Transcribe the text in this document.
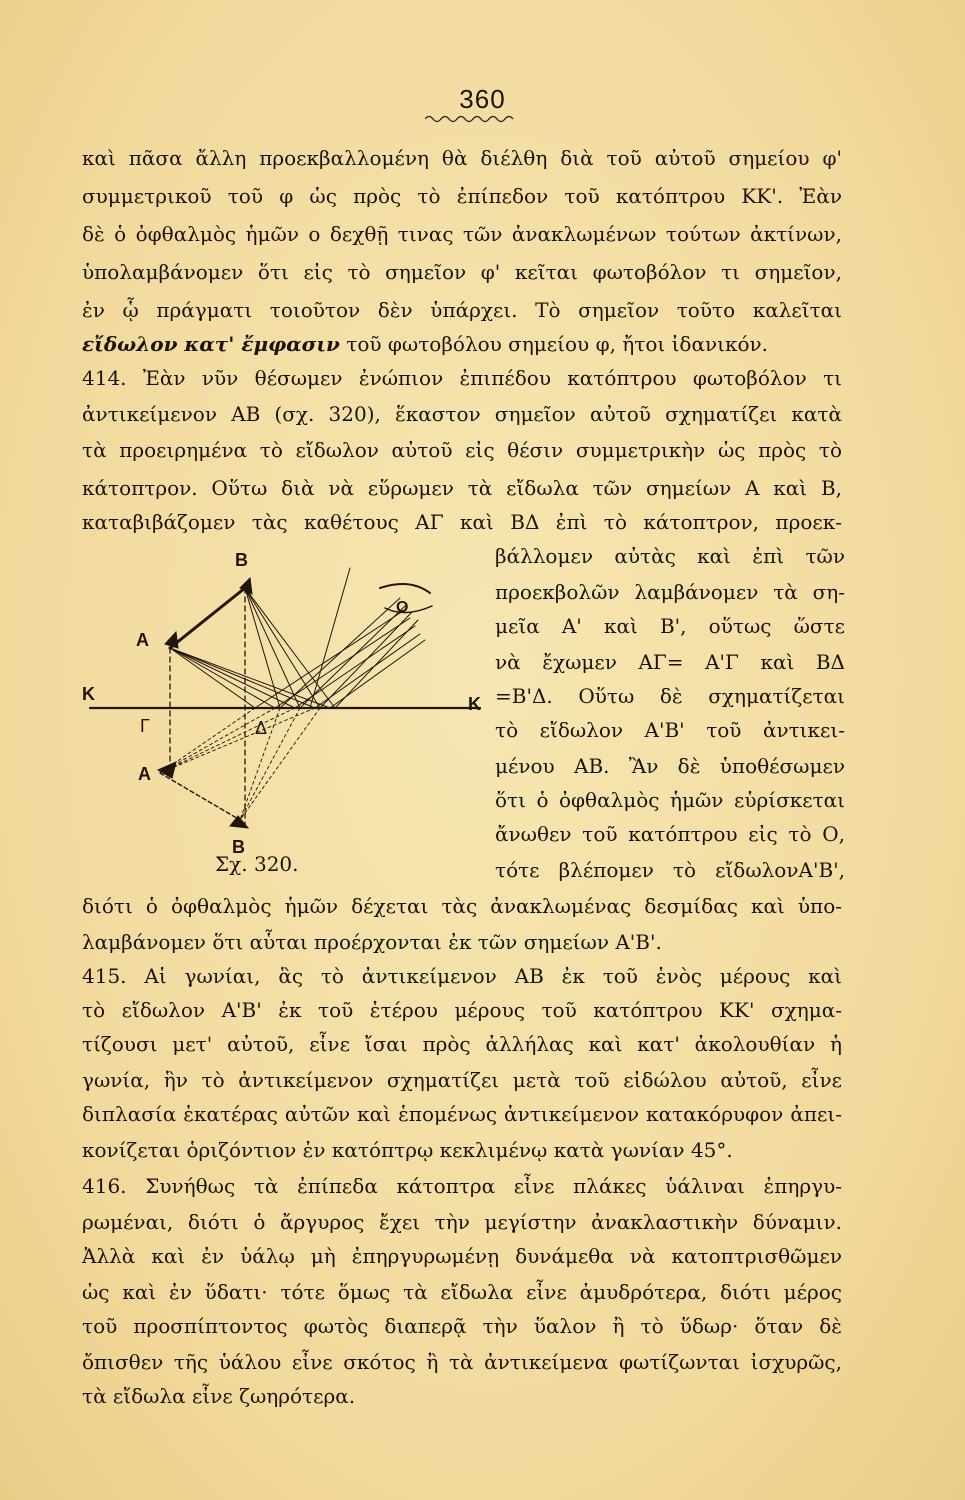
360
καὶ πᾶσα ἄλλη προεκβαλλομένη θὰ διέλθη διὰ τοῦ αὐτοῦ σημείου φ'
συμμετρικοῦ τοῦ φ ὡς πρὸς τὸ ἐπίπεδον τοῦ κατόπτρου ΚΚ'. Ἐὰν
δὲ ὁ ὀφθαλμὸς ἡμῶν ο δεχθῇ τινας τῶν ἀνακλωμένων τούτων ἀκτίνων,
ὑπολαμβάνομεν ὅτι εἰς τὸ σημεῖον φ' κεῖται φωτοβόλον τι σημεῖον,
ἐν ᾧ πράγματι τοιοῦτον δὲν ὑπάρχει. Τὸ σημεῖον τοῦτο καλεῖται
εἴδωλον κατ' ἔμφασιν τοῦ φωτοβόλου σημείου φ, ἤτοι ἰδανικόν.
414. Ἐὰν νῦν θέσωμεν ἐνώπιον ἐπιπέδου κατόπτρου φωτοβόλον τι
ἀντικείμενον ΑΒ (σχ. 320), ἕκαστον σημεῖον αὐτοῦ σχηματίζει κατὰ
τὰ προειρημένα τὸ εἴδωλον αὐτοῦ εἰς θέσιν συμμετρικὴν ὡς πρὸς τὸ
κάτοπτρον. Οὕτω διὰ νὰ εὕρωμεν τὰ εἴδωλα τῶν σημείων Α καὶ Β,
καταβιβάζομεν τὰς καθέτους ΑΓ καὶ ΒΔ ἐπὶ τὸ κάτοπτρον, προεκ-
βάλλομεν αὐτὰς καὶ ἐπὶ τῶν
προεκβολῶν λαμβάνομεν τὰ ση-
μεῖα Α' καὶ Β', οὕτως ὥστε
νὰ ἔχωμεν ΑΓ= Α'Γ καὶ ΒΔ
=Β'Δ. Οὕτω δὲ σχηματίζεται
τὸ εἴδωλον Α'Β' τοῦ ἀντικει-
μένου ΑΒ. Ἂν δὲ ὑποθέσωμεν
ὅτι ὁ ὀφθαλμὸς ἡμῶν εὑρίσκεται
ἄνωθεν τοῦ κατόπτρου εἰς τὸ Ο,
τότε βλέπομεν τὸ εἴδωλονΑ'Β',
B
A
K	K
Γ	Δ
A
B
O
Σχ. 320.
διότι ὁ ὀφθαλμὸς ἡμῶν δέχεται τὰς ἀνακλωμένας δεσμίδας καὶ ὑπο-
λαμβάνομεν ὅτι αὗται προέρχονται ἐκ τῶν σημείων Α'Β'.
415. Αἱ γωνίαι, ἃς τὸ ἀντικείμενον ΑΒ ἐκ τοῦ ἑνὸς μέρους καὶ
τὸ εἴδωλον Α'Β' ἐκ τοῦ ἑτέρου μέρους τοῦ κατόπτρου ΚΚ' σχημα-
τίζουσι μετ' αὐτοῦ, εἶνε ἴσαι πρὸς ἀλλήλας καὶ κατ' ἀκολουθίαν ἡ
γωνία, ἣν τὸ ἀντικείμενον σχηματίζει μετὰ τοῦ εἰδώλου αὐτοῦ, εἶνε
διπλασία ἑκατέρας αὐτῶν καὶ ἑπομένως ἀντικείμενον κατακόρυφον ἀπει-
κονίζεται ὁριζόντιον ἐν κατόπτρῳ κεκλιμένῳ κατὰ γωνίαν 45°.
416. Συνήθως τὰ ἐπίπεδα κάτοπτρα εἶνε πλάκες ὑάλιναι ἐπηργυ-
ρωμέναι, διότι ὁ ἄργυρος ἔχει τὴν μεγίστην ἀνακλαστικὴν δύναμιν.
Ἀλλὰ καὶ ἐν ὑάλῳ μὴ ἐπηργυρωμένῃ δυνάμεθα νὰ κατοπτρισθῶμεν
ὡς καὶ ἐν ὕδατι· τότε ὅμως τὰ εἴδωλα εἶνε ἀμυδρότερα, διότι μέρος
τοῦ προσπίπτοντος φωτὸς διαπερᾷ τὴν ὕαλον ἢ τὸ ὕδωρ· ὅταν δὲ
ὄπισθεν τῆς ὑάλου εἶνε σκότος ἢ τὰ ἀντικείμενα φωτίζωνται ἰσχυρῶς,
τὰ εἴδωλα εἶνε ζωηρότερα.
